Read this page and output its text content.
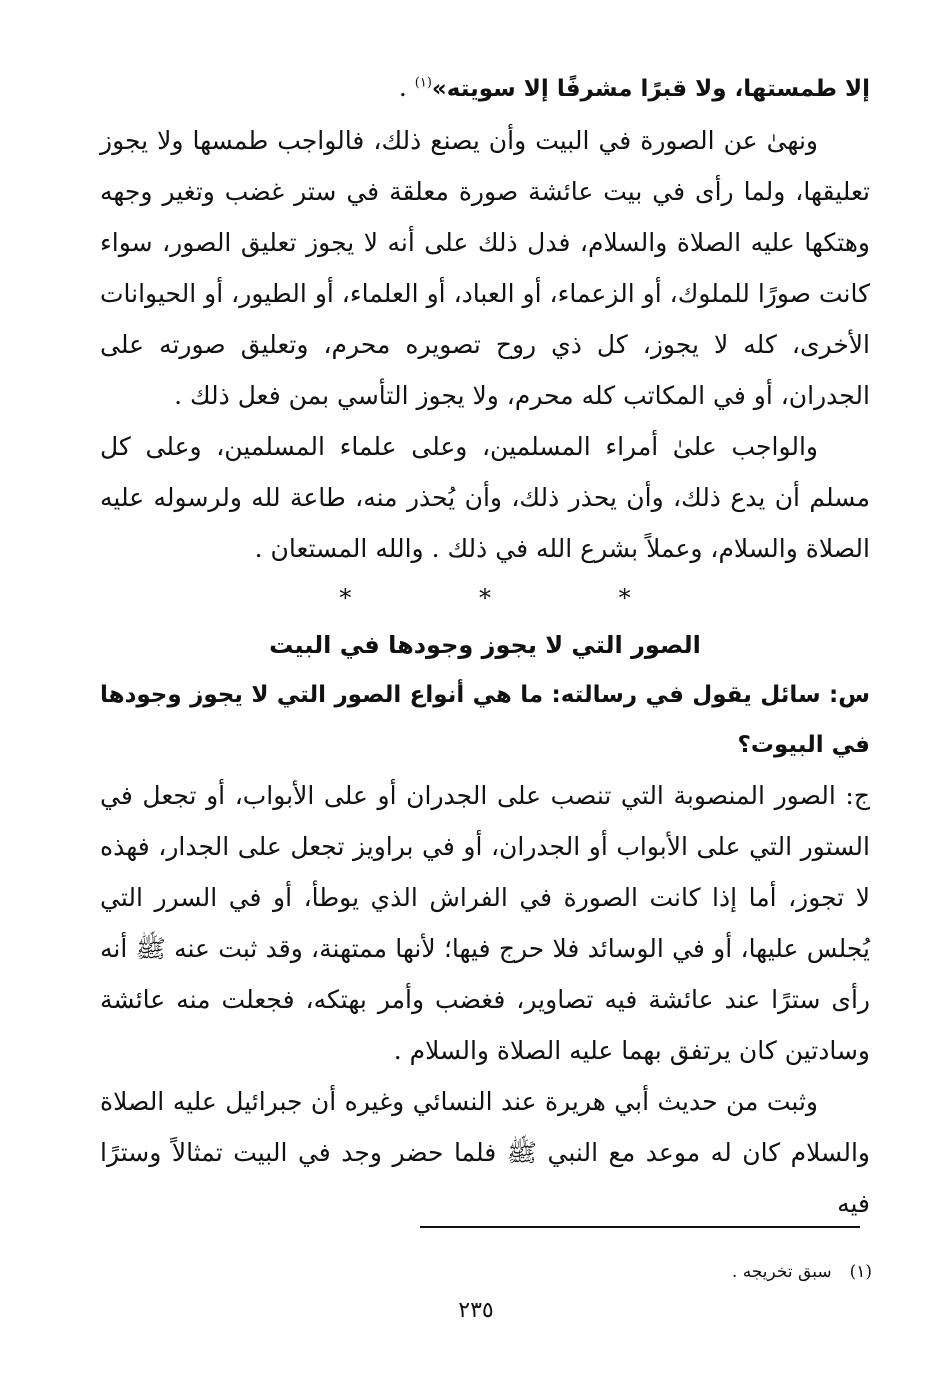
إلا طمستها، ولا قبرًا مشرفًا إلا سويته»$^{(١)}$ .

ونهىٰ عن الصورة في البيت وأن يصنع ذلك، فالواجب طمسها ولا يجوز تعليقها، ولما رأى في بيت عائشة صورة معلقة في ستر غضب وتغير وجهه وهتكها عليه الصلاة والسلام، فدل ذلك على أنه لا يجوز تعليق الصور، سواء كانت صورًا للملوك، أو الزعماء، أو العباد، أو العلماء، أو الطيور، أو الحيوانات الأخرى، كله لا يجوز، كل ذي روح تصويره محرم، وتعليق صورته على الجدران، أو في المكاتب كله محرم، ولا يجوز التأسي بمن فعل ذلك .

والواجب علىٰ أمراء المسلمين، وعلى علماء المسلمين، وعلى كل مسلم أن يدع ذلك، وأن يحذر ذلك، وأن يُحذر منه، طاعة لله ولرسوله عليه الصلاة والسلام، وعملاً بشرع الله في ذلك . والله المستعان .

* * *
الصور التي لا يجوز وجودها في البيت

س: سائل يقول في رسالته: ما هي أنواع الصور التي لا يجوز وجودها في البيوت؟

ج: الصور المنصوبة التي تنصب على الجدران أو على الأبواب، أو تجعل في الستور التي على الأبواب أو الجدران، أو في براويز تجعل على الجدار، فهذه لا تجوز، أما إذا كانت الصورة في الفراش الذي يوطأ، أو في السرر التي يُجلس عليها، أو في الوسائد فلا حرج فيها؛ لأنها ممتهنة، وقد ثبت عنه ﷺ أنه رأى سترًا عند عائشة فيه تصاوير، فغضب وأمر بهتكه، فجعلت منه عائشة وسادتين كان يرتفق بهما عليه الصلاة والسلام .

وثبت من حديث أبي هريرة عند النسائي وغيره أن جبرائيل عليه الصلاة والسلام كان له موعد مع النبي ﷺ فلما حضر وجد في البيت تمثالاً وسترًا فيه

(١)سبق تخريجه .
٢٣٥
